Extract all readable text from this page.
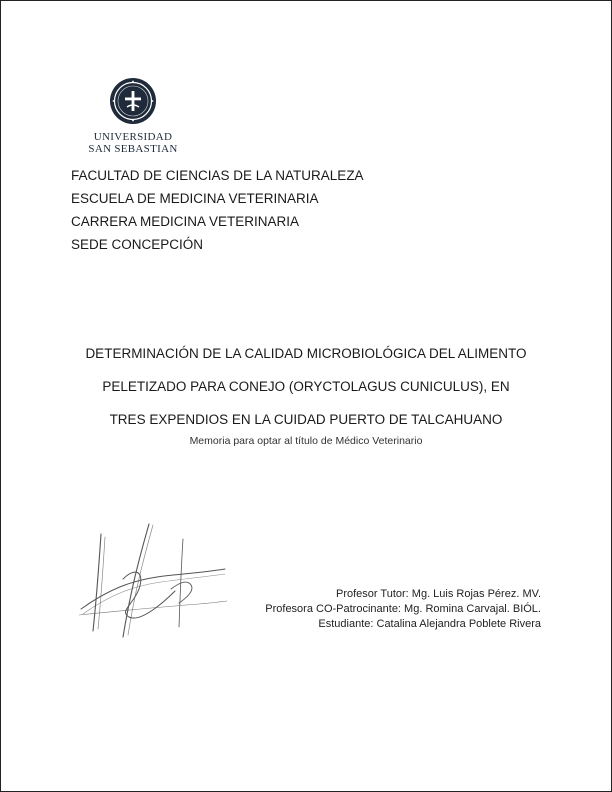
UNIVERSIDAD
SAN SEBASTIAN
FACULTAD DE CIENCIAS DE LA NATURALEZA
ESCUELA DE MEDICINA VETERINARIA
CARRERA MEDICINA VETERINARIA
SEDE CONCEPCIÓN
DETERMINACIÓN DE LA CALIDAD MICROBIOLÓGICA DEL ALIMENTO
PELETIZADO PARA CONEJO (ORYCTOLAGUS CUNICULUS), EN
TRES EXPENDIOS EN LA CUIDAD PUERTO DE TALCAHUANO
Memoria para optar al título de Médico Veterinario
Profesor Tutor: Mg. Luis Rojas Pérez. MV.
Profesora CO-Patrocinante: Mg. Romina Carvajal. BIÓL.
Estudiante: Catalina Alejandra Poblete Rivera
